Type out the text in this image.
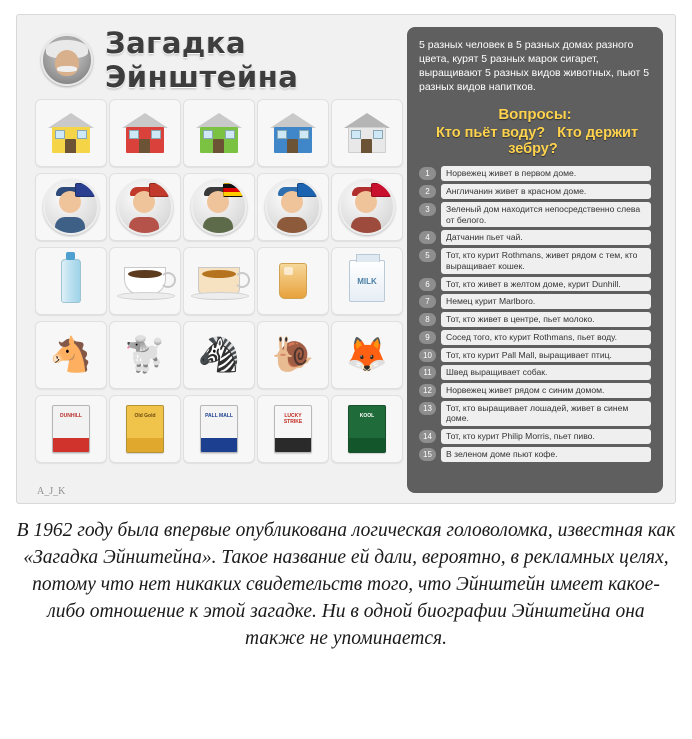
Загадка Эйнштейна
MILK
🐴 🐩 🦓 🐌 🦊
DUNHILL	Old Gold	PALL MALL	LUCKY STRIKE
KOOL
A_J_K
5 разных человек в 5 разных домах разного цвета, курят 5 разных марок сигарет, выращивают 5 разных видов животных, пьют 5 разных видов напитков.
Вопросы:
Кто пьёт воду? Кто держит зебру?
1	Норвежец живет в первом доме.
2	Англичанин живет в красном доме.
3	Зеленый дом находится непосредственно слева от белого.
4	Датчанин пьет чай.
5	Тот, кто курит Rothmans, живет рядом с тем, кто выращивает кошек.
6	Тот, кто живет в желтом доме, курит Dunhill.
7	Немец курит Marlboro.
8	Тот, кто живет в центре, пьет молоко.
9	Сосед того, кто курит Rothmans, пьет воду.
10	Тот, кто курит Pall Mall, выращивает птиц.
11	Швед выращивает собак.
12	Норвежец живет рядом с синим домом.
13	Тот, кто выращивает лошадей, живет в синем доме.
14	Тот, кто курит Philip Morris, пьет пиво.
15	В зеленом доме пьют кофе.
В 1962 году была впервые опубликована логическая головоломка, известная как «Загадка Эйнштейна». Такое название ей дали, вероятно, в рекламных целях, потому что нет никаких свидетельств того, что Эйнштейн имеет какое-либо отношение к этой загадке. Ни в одной биографии Эйнштейна она также не упоминается.
